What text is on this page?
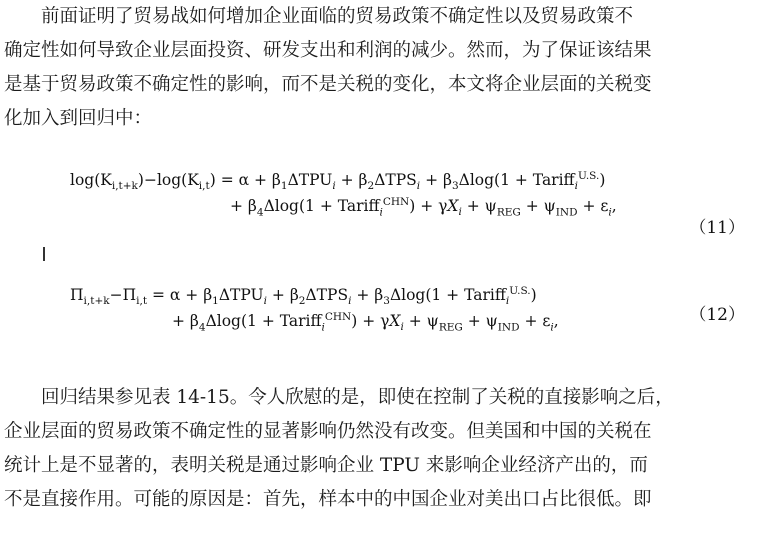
前面证明了贸易战如何增加企业面临的贸易政策不确定性以及贸易政策不
确定性如何导致企业层面投资、研发支出和利润的减少。然而，为了保证该结果
是基于贸易政策不确定性的影响，而不是关税的变化，本文将企业层面的关税变
化加入到回归中：
$\log(K_{i,t+k})-\log(K_{i,t}) = \alpha + \beta_1\Delta TPU_i + \beta_2\Delta TPS_i + \beta_3\Delta\log(1$ + Tariff$_i^{U.S.}$)
+ $\beta_4\Delta\log(1$ + Tariff$_i^{CHN}$) + $\gamma X_i + \psi_{REG} + \psi_{IND} + \varepsilon_i$,
（11）
$\Pi_{i,t+k}-\Pi_{i,t} = \alpha + \beta_1\Delta TPU_i + \beta_2\Delta TPS_i + \beta_3\Delta\log(1$ + Tariff$_i^{U.S.}$)
+ $\beta_4\Delta\log(1$ + Tariff$_i^{CHN}$) + $\gamma X_i + \psi_{REG} + \psi_{IND} + \varepsilon_i$,	（12）
回归结果参见表 14-15。令人欣慰的是，即使在控制了关税的直接影响之后，
企业层面的贸易政策不确定性的显著影响仍然没有改变。但美国和中国的关税在
统计上是不显著的，表明关税是通过影响企业 TPU 来影响企业经济产出的，而
不是直接作用。可能的原因是：首先，样本中的中国企业对美出口占比很低。即
